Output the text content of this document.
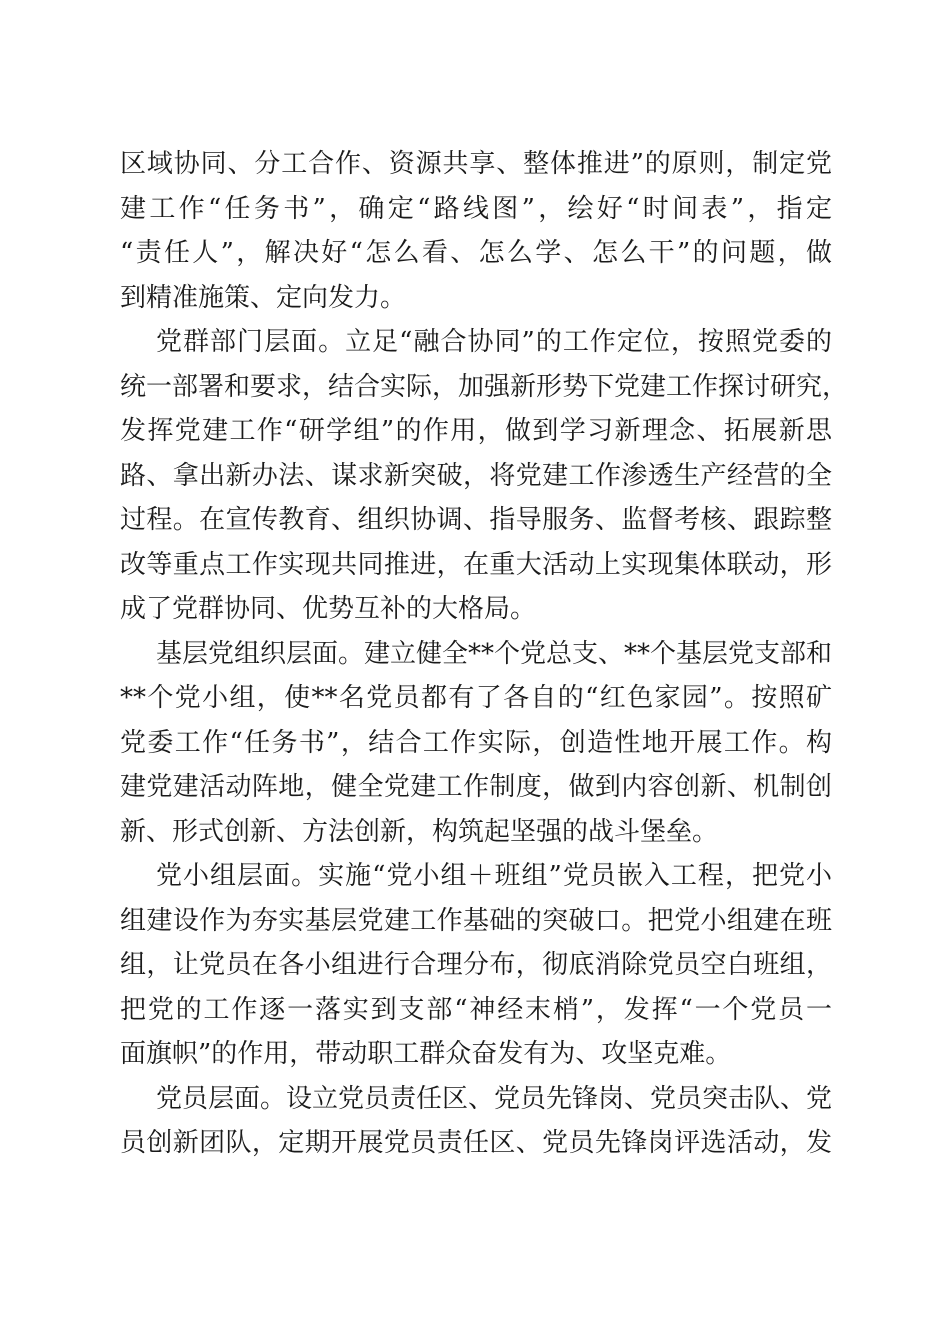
区域协同、分工合作、资源共享、整体推进”的原则，制定党
建工作“任务书”，确定“路线图”，绘好“时间表”，指定
“责任人”，解决好“怎么看、怎么学、怎么干”的问题，做
到精准施策、定向发力。
党群部门层面。立足“融合协同”的工作定位，按照党委的
统一部署和要求，结合实际，加强新形势下党建工作探讨研究，
发挥党建工作“研学组”的作用，做到学习新理念、拓展新思
路、拿出新办法、谋求新突破，将党建工作渗透生产经营的全
过程。在宣传教育、组织协调、指导服务、监督考核、跟踪整
改等重点工作实现共同推进，在重大活动上实现集体联动，形
成了党群协同、优势互补的大格局。
基层党组织层面。建立健全**个党总支、**个基层党支部和
**个党小组，使**名党员都有了各自的“红色家园”。按照矿
党委工作“任务书”，结合工作实际，创造性地开展工作。构
建党建活动阵地，健全党建工作制度，做到内容创新、机制创
新、形式创新、方法创新，构筑起坚强的战斗堡垒。
党小组层面。实施“党小组＋班组”党员嵌入工程，把党小
组建设作为夯实基层党建工作基础的突破口。把党小组建在班
组，让党员在各小组进行合理分布，彻底消除党员空白班组，
把党的工作逐一落实到支部“神经末梢”，发挥“一个党员一
面旗帜”的作用，带动职工群众奋发有为、攻坚克难。
党员层面。设立党员责任区、党员先锋岗、党员突击队、党
员创新团队，定期开展党员责任区、党员先锋岗评选活动，发
